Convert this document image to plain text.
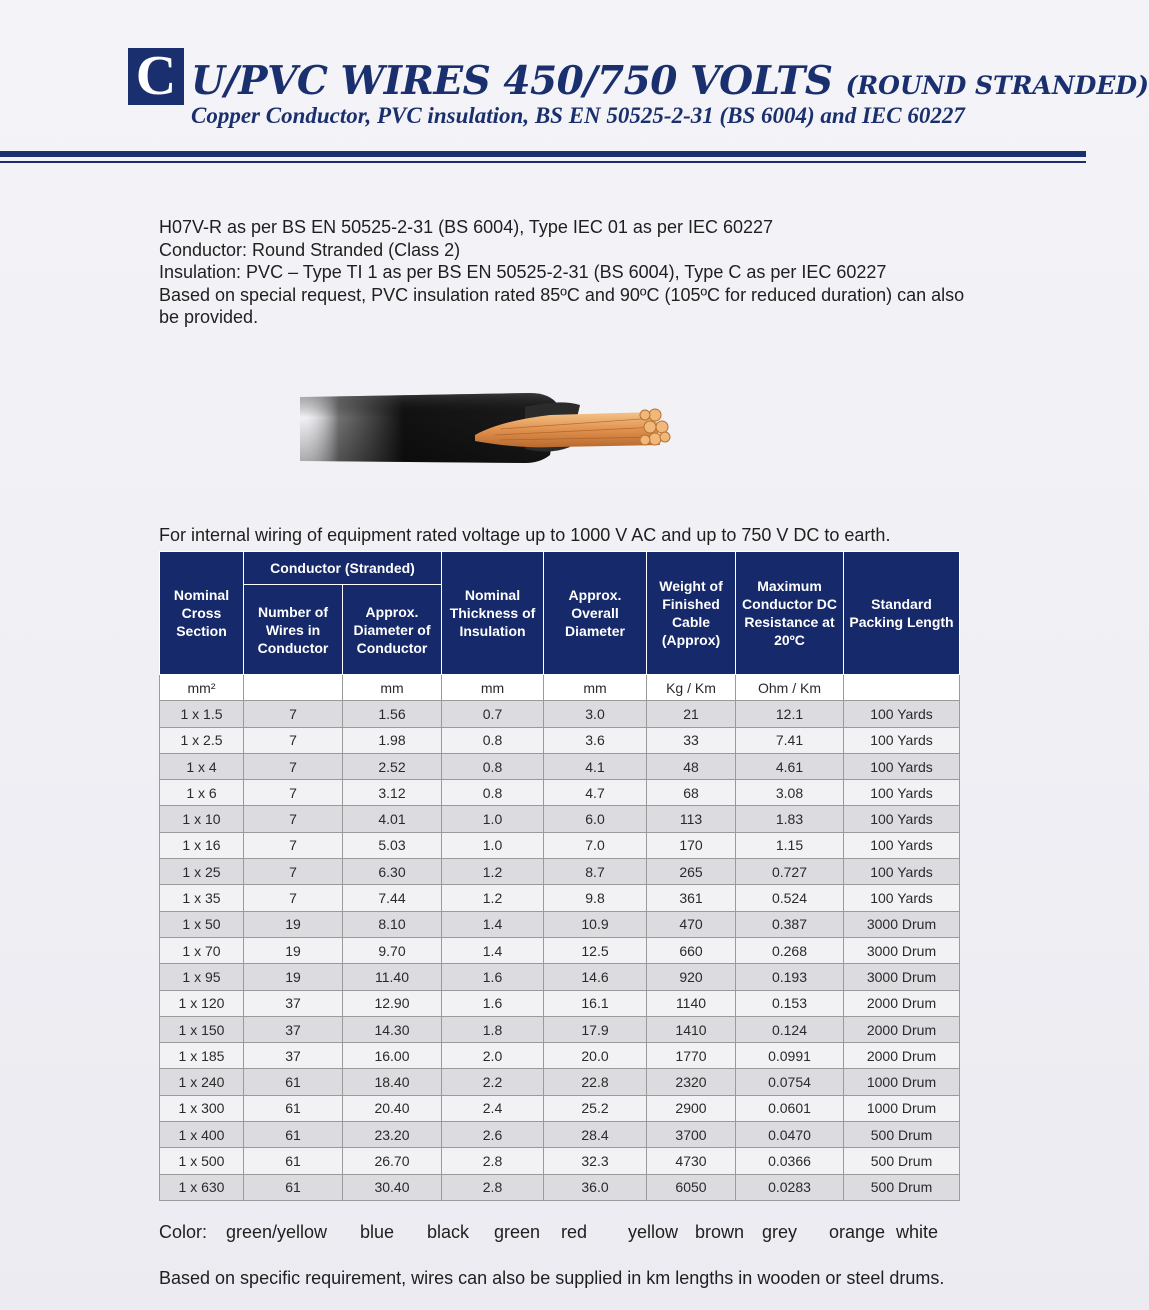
C U/PVC WIRES 450/750 VOLTS (ROUND STRANDED)
Copper Conductor, PVC insulation, BS EN 50525-2-31 (BS 6004) and IEC 60227
H07V-R as per BS EN 50525-2-31 (BS 6004), Type IEC 01 as per IEC 60227
Conductor: Round Stranded (Class 2)
Insulation: PVC – Type TI 1 as per BS EN 50525-2-31 (BS 6004), Type C as per IEC 60227
Based on special request, PVC insulation rated 85ºC and 90ºC (105ºC for reduced duration) can also
be provided.
For internal wiring of equipment rated voltage up to 1000 V AC and up to 750 V DC to earth.
Nominal Cross Section	Conductor (Stranded)		Nominal Thickness of Insulation	Approx. Overall Diameter	Weight of Finished Cable (Approx)	Maximum Conductor DC Resistance at 20ºC	Standard Packing Length
	Number of Wires in Conductor	Approx. Diameter of Conductor					
mm²		mm	mm	mm	Kg / Km	Ohm / Km	
1 x 1.5	7	1.56	0.7	3.0	21	12.1	100 Yards
1 x 2.5	7	1.98	0.8	3.6	33	7.41	100 Yards
1 x 4	7	2.52	0.8	4.1	48	4.61	100 Yards
1 x 6	7	3.12	0.8	4.7	68	3.08	100 Yards
1 x 10	7	4.01	1.0	6.0	113	1.83	100 Yards
1 x 16	7	5.03	1.0	7.0	170	1.15	100 Yards
1 x 25	7	6.30	1.2	8.7	265	0.727	100 Yards
1 x 35	7	7.44	1.2	9.8	361	0.524	100 Yards
1 x 50	19	8.10	1.4	10.9	470	0.387	3000 Drum
1 x 70	19	9.70	1.4	12.5	660	0.268	3000 Drum
1 x 95	19	11.40	1.6	14.6	920	0.193	3000 Drum
1 x 120	37	12.90	1.6	16.1	1140	0.153	2000 Drum
1 x 150	37	14.30	1.8	17.9	1410	0.124	2000 Drum
1 x 185	37	16.00	2.0	20.0	1770	0.0991	2000 Drum
1 x 240	61	18.40	2.2	22.8	2320	0.0754	1000 Drum
1 x 300	61	20.40	2.4	25.2	2900	0.0601	1000 Drum
1 x 400	61	23.20	2.6	28.4	3700	0.0470	500 Drum
1 x 500	61	26.70	2.8	32.3	4730	0.0366	500 Drum
1 x 630	61	30.40	2.8	36.0	6050	0.0283	500 Drum
Color: green/yellow blue black green red yellow brown grey orange white
Based on specific requirement, wires can also be supplied in km lengths in wooden or steel drums.
